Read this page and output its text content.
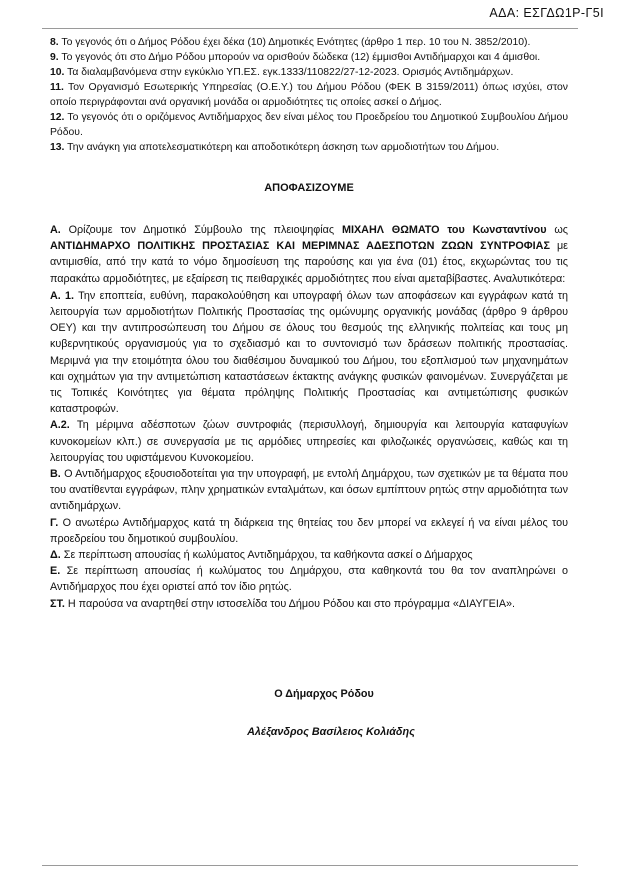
ΑΔΑ: ΕΣΓΔΩ1Ρ-Γ5Ι

8. Το γεγονός ότι ο Δήμος Ρόδου έχει δέκα (10) Δημοτικές Ενότητες (άρθρο 1 περ. 10 του Ν. 3852/2010).

9. Το γεγονός ότι στο Δήμο Ρόδου μπορούν να ορισθούν δώδεκα (12) έμμισθοι Αντιδήμαρχοι και 4 άμισθοι.

10. Τα διαλαμβανόμενα στην εγκύκλιο ΥΠ.ΕΣ. εγκ.1333/110822/27-12-2023. Ορισμός Αντιδημάρχων.

11. Τον Οργανισμό Εσωτερικής Υπηρεσίας (Ο.Ε.Υ.) του Δήμου Ρόδου (ΦΕΚ Β 3159/2011) όπως ισχύει, στον οποίο περιγράφονται ανά οργανική μονάδα οι αρμοδιότητες τις οποίες ασκεί ο Δήμος.

12. Το γεγονός ότι ο οριζόμενος Αντιδήμαρχος δεν είναι μέλος του Προεδρείου του Δημοτικού Συμβουλίου Δήμου Ρόδου.

13. Την ανάγκη για αποτελεσματικότερη και αποδοτικότερη άσκηση των αρμοδιοτήτων του Δήμου.

ΑΠΟΦΑΣΙΖΟΥΜΕ

Α. Ορίζουμε τον Δημοτικό Σύμβουλο της πλειοψηφίας ΜΙΧΑΗΛ ΘΩΜΑΤΟ του Κωνσταντίνου ως ΑΝΤΙΔΗΜΑΡΧΟ ΠΟΛΙΤΙΚΗΣ ΠΡΟΣΤΑΣΙΑΣ ΚΑΙ ΜΕΡΙΜΝΑΣ ΑΔΕΣΠΟΤΩΝ ΖΩΩΝ ΣΥΝΤΡΟΦΙΑΣ με αντιμισθία, από την κατά το νόμο δημοσίευση της παρούσης και για ένα (01) έτος, εκχωρώντας του τις παρακάτω αρμοδιότητες, με εξαίρεση τις πειθαρχικές αρμοδιότητες που είναι αμεταβίβαστες. Αναλυτικότερα:

Α. 1. Την εποπτεία, ευθύνη, παρακολούθηση και υπογραφή όλων των αποφάσεων και εγγράφων κατά τη λειτουργία των αρμοδιοτήτων Πολιτικής Προστασίας της ομώνυμης οργανικής μονάδας (άρθρο 9 άρθρου ΟΕΥ) και την αντιπροσώπευση του Δήμου σε όλους του θεσμούς της ελληνικής πολιτείας και τους μη κυβερνητικούς οργανισμούς για το σχεδιασμό και το συντονισμό των δράσεων πολιτικής προστασίας. Μεριμνά για την ετοιμότητα όλου του διαθέσιμου δυναμικού του Δήμου, του εξοπλισμού των μηχανημάτων και οχημάτων για την αντιμετώπιση καταστάσεων έκτακτης ανάγκης φυσικών φαινομένων. Συνεργάζεται με τις Τοπικές Κοινότητες για θέματα πρόληψης Πολιτικής Προστασίας και αντιμετώπισης φυσικών καταστροφών.

Α.2. Τη μέριμνα αδέσποτων ζώων συντροφιάς (περισυλλογή, δημιουργία και λειτουργία καταφυγίων κυνοκομείων κλπ.) σε συνεργασία με τις αρμόδιες υπηρεσίες και φιλοζωικές οργανώσεις, καθώς και τη λειτουργίας του υφιστάμενου Κυνοκομείου.

Β. Ο Αντιδήμαρχος εξουσιοδοτείται για την υπογραφή, με εντολή Δημάρχου, των σχετικών με τα θέματα που του ανατίθενται εγγράφων, πλην χρηματικών ενταλμάτων, και όσων εμπίπτουν ρητώς στην αρμοδιότητα των αντιδημάρχων.

Γ. Ο ανωτέρω Αντιδήμαρχος κατά τη διάρκεια της θητείας του δεν μπορεί να εκλεγεί ή να είναι μέλος του προεδρείου του δημοτικού συμβουλίου.

Δ. Σε περίπτωση απουσίας ή κωλύματος Αντιδημάρχου, τα καθήκοντα ασκεί ο Δήμαρχος

Ε. Σε περίπτωση απουσίας ή κωλύματος του Δημάρχου, στα καθηκοντά του θα τον αναπληρώνει ο Αντιδήμαρχος που έχει οριστεί από τον ίδιο ρητώς.

ΣΤ. Η παρούσα να αναρτηθεί στην ιστοσελίδα του Δήμου Ρόδου και στο πρόγραμμα «ΔΙΑΥΓΕΙΑ».

Ο Δήμαρχος Ρόδου
Αλέξανδρος Βασίλειος Κολιάδης
